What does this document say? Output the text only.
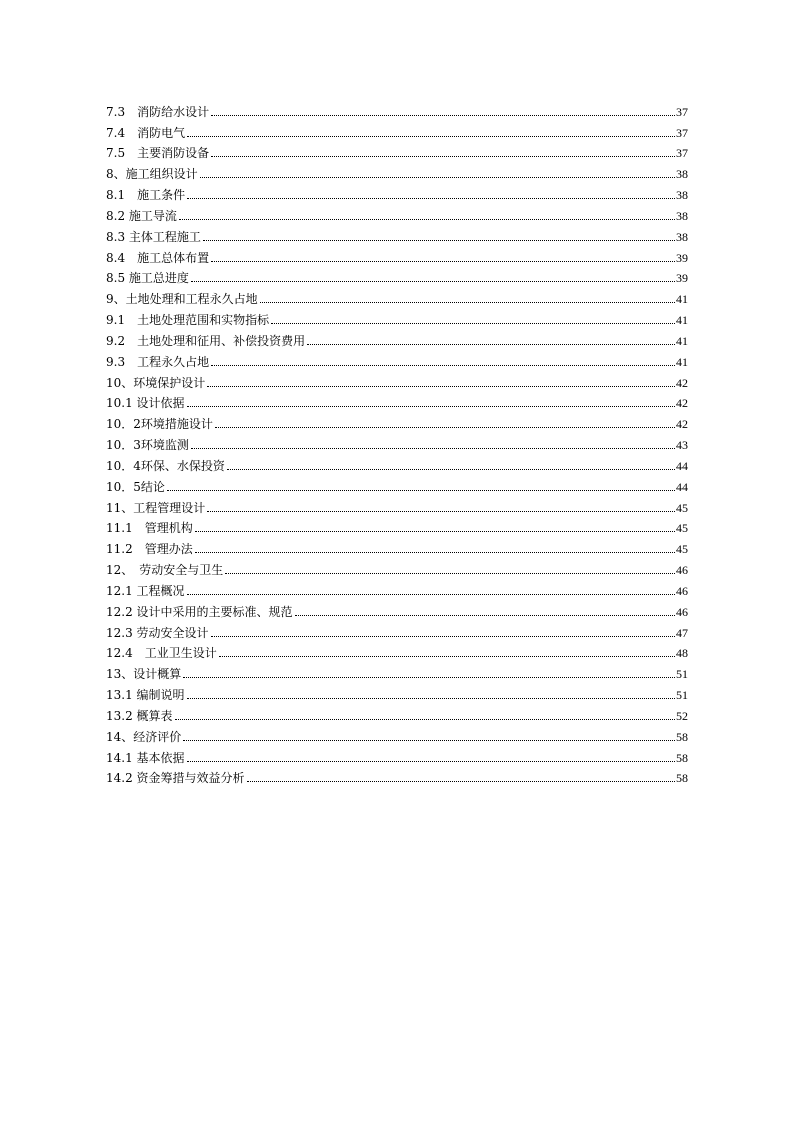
7.3　消防给水设计	37
7.4　消防电气	37
7.5　主要消防设备	37
8、施工组织设计	38
8.1　施工条件	38
8.2 施工导流	38
8.3 主体工程施工	38
8.4　施工总体布置	39
8.5 施工总进度	39
9、土地处理和工程永久占地	41
9.1　土地处理范围和实物指标	41
9.2　土地处理和征用、补偿投资费用	41
9.3　工程永久占地	41
10、环境保护设计	42
10.1 设计依据	42
10．2环境措施设计	42
10．3环境监测	43
10．4环保、水保投资	44
10．5结论	44
11、工程管理设计	45
11.1　管理机构	45
11.2　管理办法	45
12、　劳动安全与卫生	46
12.1 工程概况	46
12.2 设计中采用的主要标准、规范	46
12.3 劳动安全设计	47
12.4　工业卫生设计	48
13、设计概算	51
13.1 编制说明	51
13.2 概算表	52
14、经济评价	58
14.1 基本依据	58
14.2 资金筹措与效益分析	58
